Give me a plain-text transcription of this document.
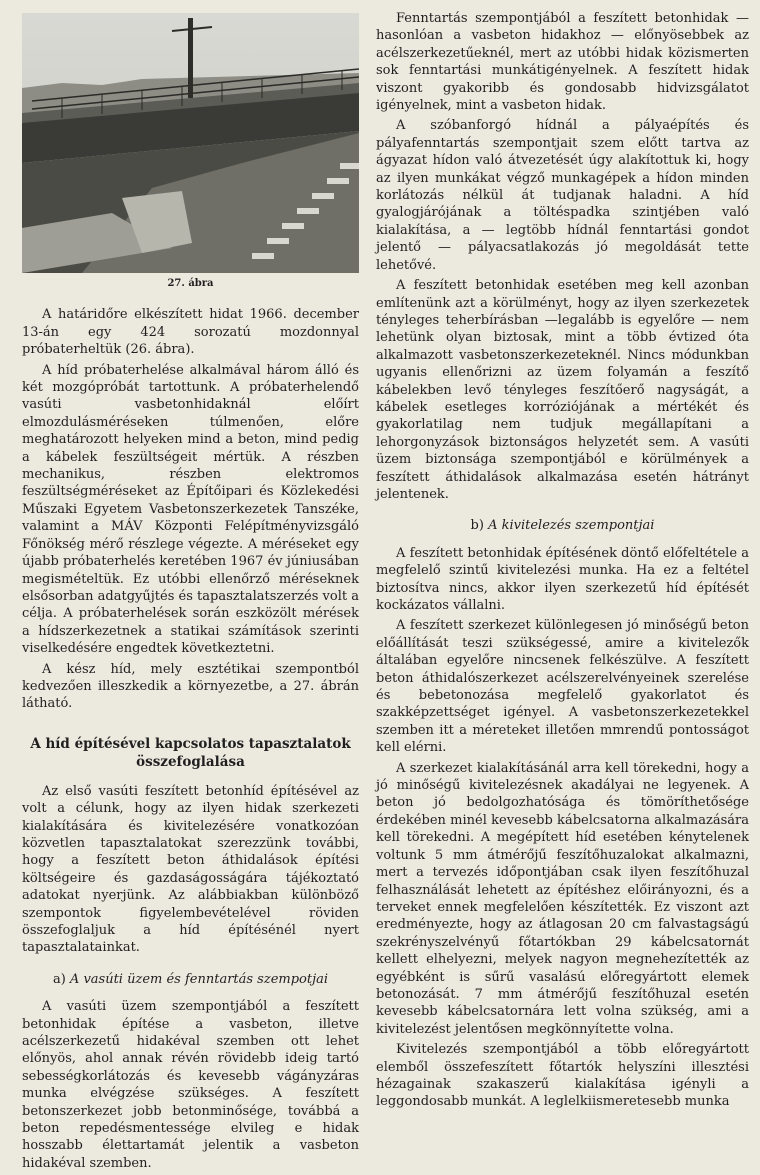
27. ábra

A határidőre elkészített hidat 1966. december 13-án egy 424 sorozatú mozdonnyal próbaterheltük (26. ábra).

A híd próbaterhelése alkalmával három álló és két mozgópróbát tartottunk. A próbaterhelendő vasúti vasbetonhidaknál előírt elmozdulásméréseken túlmenően, előre meghatározott helyeken mind a beton, mind pedig a kábelek feszültségeit mértük. A részben mechanikus, részben elektromos feszültségméréseket az Építőipari és Közlekedési Műszaki Egyetem Vasbetonszerkezetek Tanszéke, valamint a MÁV Központi Felépítményvizsgáló Főnökség mérő részlege végezte. A méréseket egy újabb próbaterhelés keretében 1967 év júniusában megismételtük. Ez utóbbi ellenőrző méréseknek elsősorban adatgyűjtés és tapasztalatszerzés volt a célja. A próbaterhelések során eszközölt mérések a hídszerkezetnek a statikai számítások szerinti viselkedésére engedtek következtetni.

A kész híd, mely esztétikai szempontból kedvezően illeszkedik a környezetbe, a 27. ábrán látható.

A híd építésével kapcsolatos tapasztalatok összefoglalása

Az első vasúti feszített betonhíd építésével az volt a célunk, hogy az ilyen hidak szerkezeti kialakítására és kivitelezésére vonatkozóan közvetlen tapasztalatokat szerezzünk további, hogy a feszített beton áthidalások építési költségeire és gazdaságosságára tájékoztató adatokat nyerjünk. Az alábbiakban különböző szempontok figyelembevételével röviden összefoglaljuk a híd építésénél nyert tapasztalatainkat.

a) A vasúti üzem és fenntartás szempotjai

A vasúti üzem szempontjából a feszített betonhidak építése a vasbeton, illetve acélszerkezetű hidakéval szemben ott lehet előnyös, ahol annak révén rövidebb ideig tartó sebességkorlátozás és kevesebb vágányzáras munka elvégzése szükséges. A feszített betonszerkezet jobb betonminősége, továbbá a beton repedésmentessége elvileg e hidak hosszabb élettartamát jelentik a vasbeton hidakéval szemben.

Fenntartás szempontjából a feszített betonhidak — hasonlóan a vasbeton hidakhoz — előnyösebbek az acélszerkezetűeknél, mert az utóbbi hidak közismerten sok fenntartási munkátigényelnek. A feszített hidak viszont gyakoribb és gondosabb hidvizsgálatot igényelnek, mint a vasbeton hidak.

A szóbanforgó hídnál a pályaépítés és pályafenntartás szempontjait szem előtt tartva az ágyazat hídon való átvezetését úgy alakítottuk ki, hogy az ilyen munkákat végző munkagépek a hídon minden korlátozás nélkül át tudjanak haladni. A híd gyalogjárójának a töltéspadka szintjében való kialakítása, a — legtöbb hídnál fenntartási gondot jelentő — pályacsatlakozás jó megoldását tette lehetővé.

A feszített betonhidak esetében meg kell azonban említenünk azt a körülményt, hogy az ilyen szerkezetek tényleges teherbírásban —legalább is egyelőre — nem lehetünk olyan biztosak, mint a több évtized óta alkalmazott vasbetonszerkezeteknél. Nincs módunkban ugyanis ellenőrizni az üzem folyamán a feszítő kábelekben levő tényleges feszítőerő nagyságát, a kábelek esetleges korróziójának a mértékét és gyakorlatilag nem tudjuk megállapítani a lehorgonyzások biztonságos helyzetét sem. A vasúti üzem biztonsága szempontjából e körülmények a feszített áthidalások alkalmazása esetén hátrányt jelentenek.

b) A kivitelezés szempontjai

A feszített betonhidak építésének döntő előfeltétele a megfelelő szintű kivitelezési munka. Ha ez a feltétel biztosítva nincs, akkor ilyen szerkezetű híd építését kockázatos vállalni.

A feszített szerkezet különlegesen jó minőségű beton előállítását teszi szükségessé, amire a kivitelezők általában egyelőre nincsenek felkészülve. A feszített beton áthidalószerkezet acélszerelvényeinek szerelése és bebetonozása megfelelő gyakorlatot és szakképzettséget igényel. A vasbetonszerkezetekkel szemben itt a méreteket illetően mmrendű pontosságot kell elérni.

A szerkezet kialakításánál arra kell törekedni, hogy a jó minőségű kivitelezésnek akadályai ne legyenek. A beton jó bedolgozhatósága és tömöríthetősége érdekében minél kevesebb kábelcsatorna alkalmazására kell törekedni. A megépített híd esetében kénytelenek voltunk 5 mm átmérőjű feszítőhuzalokat alkalmazni, mert a tervezés időpontjában csak ilyen feszítőhuzal felhasználását lehetett az építéshez előirányozni, és a terveket ennek megfelelően készítették. Ez viszont azt eredményezte, hogy az átlagosan 20 cm falvastagságú szekrényszelvényű főtartókban 29 kábelcsatornát kellett elhelyezni, melyek nagyon megnehezítették az egyébként is sűrű vasalású előregyártott elemek betonozását. 7 mm átmérőjű feszítőhuzal esetén kevesebb kábelcsatornára lett volna szükség, ami a kivitelezést jelentősen megkönnyítette volna.

Kivitelezés szempontjából a több előregyártott elemből összefeszített főtartók helyszíni illesztési hézagainak szakaszerű kialakítása igényli a leggondosabb munkát. A leglelkiismeretesebb munka
